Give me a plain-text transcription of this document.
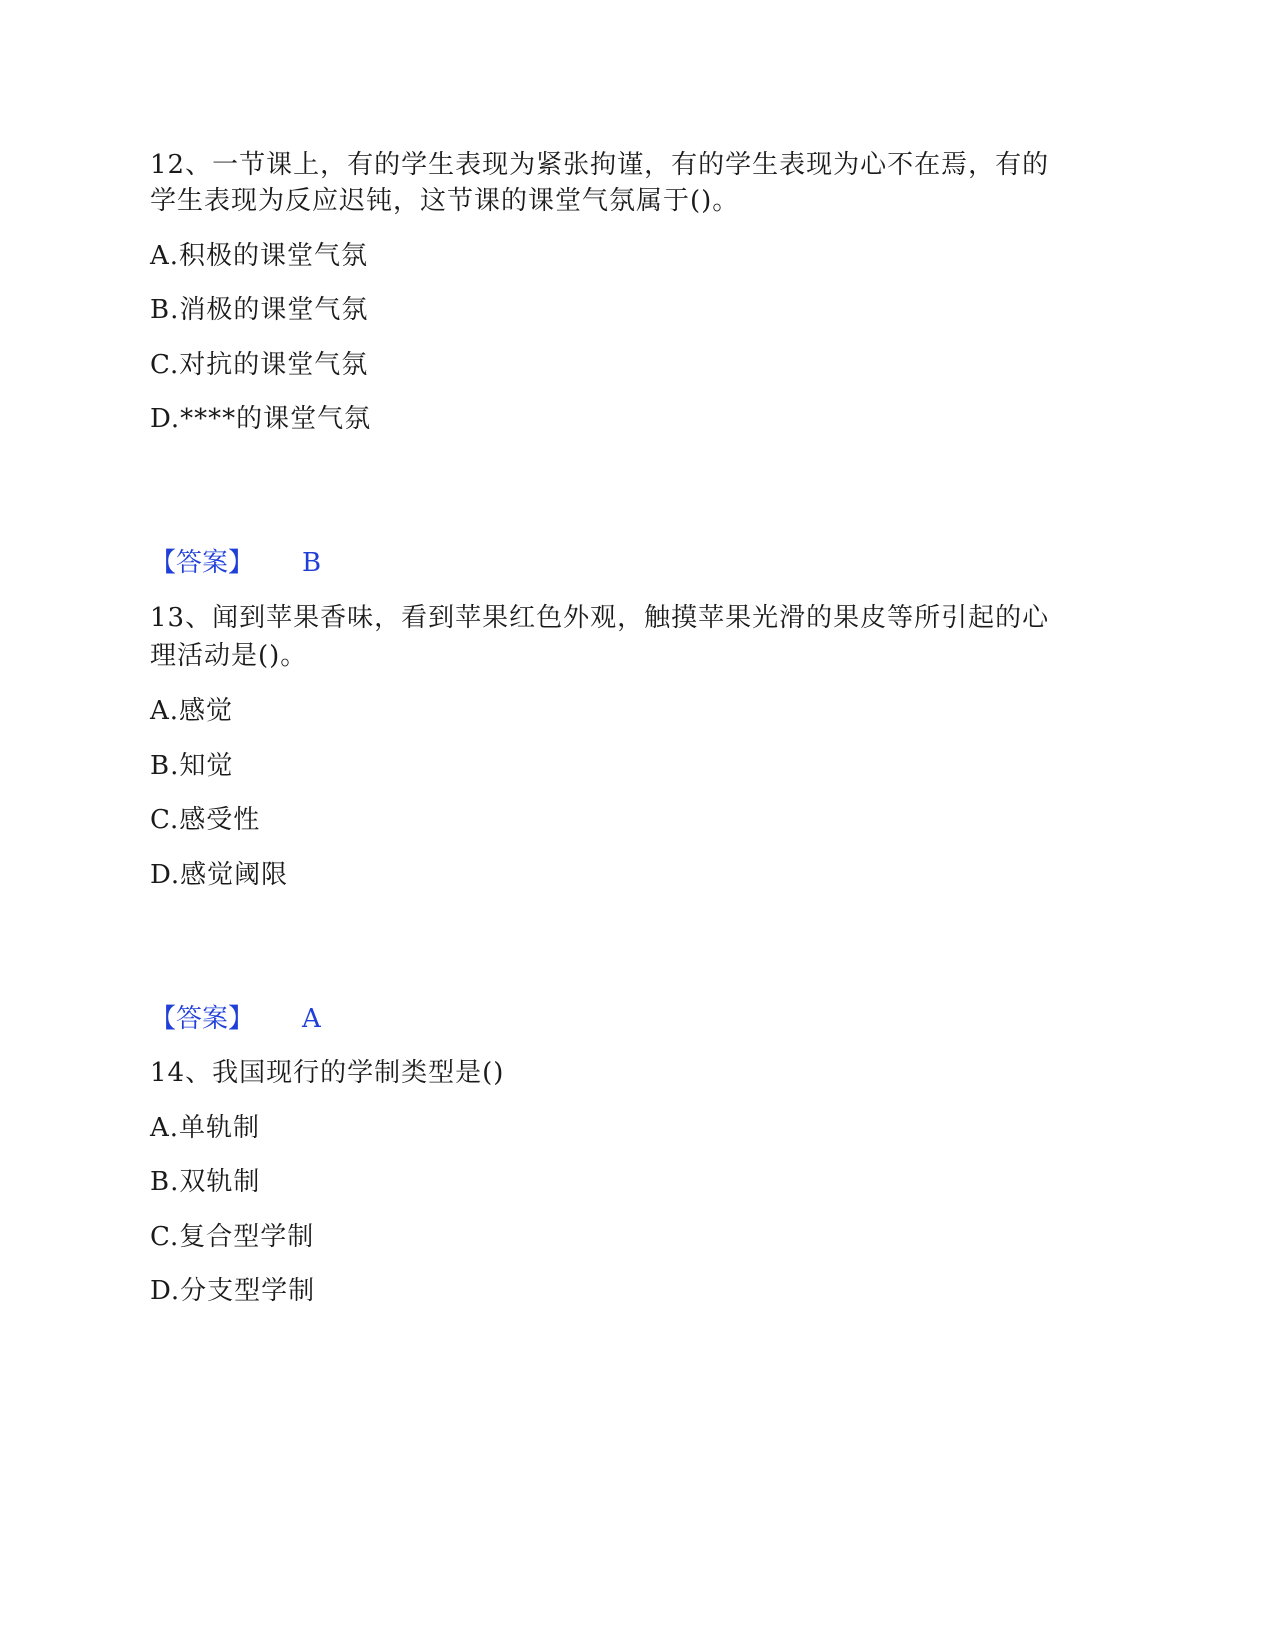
12、一节课上，有的学生表现为紧张拘谨，有的学生表现为心不在焉，有的
学生表现为反应迟钝，这节课的课堂气氛属于()。
A.积极的课堂气氛
B.消极的课堂气氛
C.对抗的课堂气氛
D.****的课堂气氛
【答案】 B
13、闻到苹果香味，看到苹果红色外观，触摸苹果光滑的果皮等所引起的心
理活动是()。
A.感觉
B.知觉
C.感受性
D.感觉阈限
【答案】 A
14、我国现行的学制类型是()
A.单轨制
B.双轨制
C.复合型学制
D.分支型学制
